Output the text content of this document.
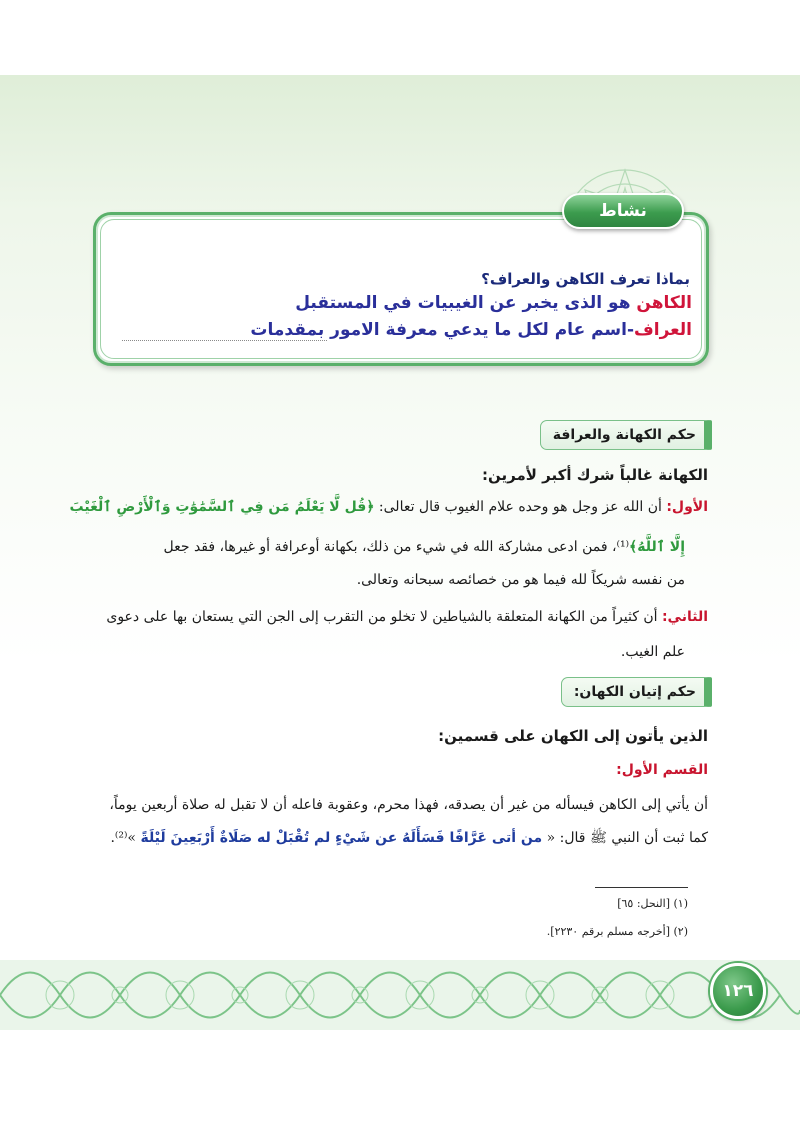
نشاط
بماذا تعرف الكاهن والعراف؟
الكاهن هو الذى يخبر عن الغيبيات في المستقبل
العراف-اسم عام لكل ما يدعي معرفة الامور بمقدمات
حكم الكهانة والعرافة
الكهانة غالباً شرك أكبر لأمرين:
الأول: أن الله عز وجل هو وحده علام الغيوب قال تعالى: ﴿قُل لَّا يَعْلَمُ مَن فِي ٱلسَّمَٰوَٰتِ وَٱلْأَرْضِ ٱلْغَيْبَ
إِلَّا ٱللَّهُ﴾⁽¹⁾، فمن ادعى مشاركة الله في شيء من ذلك، بكهانة أوعرافة أو غيرها، فقد جعل
من نفسه شريكاً لله فيما هو من خصائصه سبحانه وتعالى.
الثاني: أن كثيراً من الكهانة المتعلقة بالشياطين لا تخلو من التقرب إلى الجن التي يستعان بها على دعوى
علم الغيب.
حكم إتيان الكهان:
الذين يأتون إلى الكهان على قسمين:
القسم الأول:
أن يأتي إلى الكاهن فيسأله من غير أن يصدقه، فهذا محرم، وعقوبة فاعله أن لا تقبل له صلاة أربعين يوماً،
كما ثبت أن النبي ﷺ قال: « من أتى عَرَّافًا فَسَأَلَهُ عن شَيْءٍ لم تُقْبَلْ له صَلَاةٌ أَرْبَعِينَ لَيْلَةً »⁽²⁾.
(١) [النحل: ٦٥]
(٢) [أخرجه مسلم برقم ٢٢٣٠].
١٢٦
